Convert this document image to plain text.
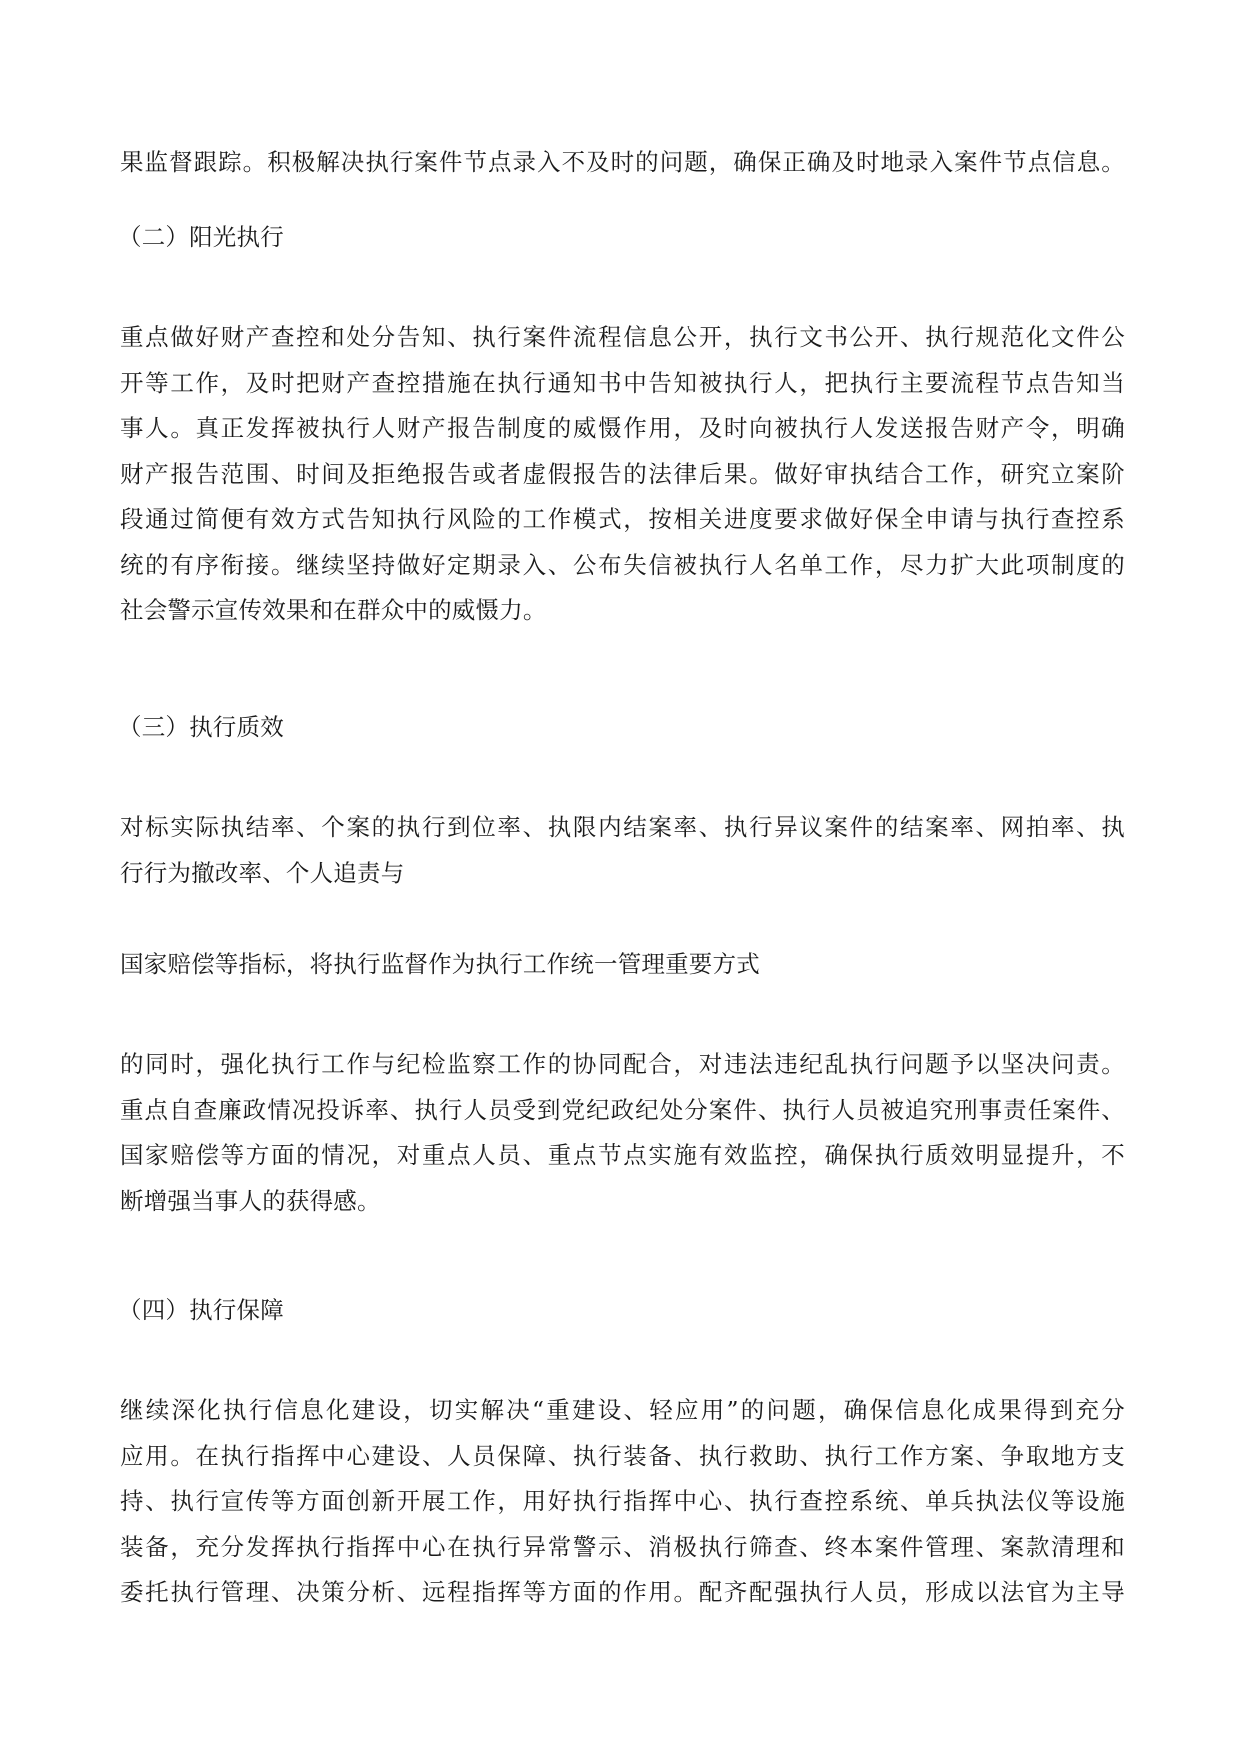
果监督跟踪。积极解决执行案件节点录入不及时的问题，确保正确及时地录入案件节点信息。
（二）阳光执行
重点做好财产查控和处分告知、执行案件流程信息公开，执行文书公开、执行规范化文件公
开等工作，及时把财产查控措施在执行通知书中告知被执行人，把执行主要流程节点告知当
事人。真正发挥被执行人财产报告制度的威慑作用，及时向被执行人发送报告财产令，明确
财产报告范围、时间及拒绝报告或者虚假报告的法律后果。做好审执结合工作，研究立案阶
段通过简便有效方式告知执行风险的工作模式，按相关进度要求做好保全申请与执行查控系
统的有序衔接。继续坚持做好定期录入、公布失信被执行人名单工作，尽力扩大此项制度的
社会警示宣传效果和在群众中的威慑力。
（三）执行质效
对标实际执结率、个案的执行到位率、执限内结案率、执行异议案件的结案率、网拍率、执
行行为撤改率、个人追责与
国家赔偿等指标，将执行监督作为执行工作统一管理重要方式
的同时，强化执行工作与纪检监察工作的协同配合，对违法违纪乱执行问题予以坚决问责。
重点自查廉政情况投诉率、执行人员受到党纪政纪处分案件、执行人员被追究刑事责任案件、
国家赔偿等方面的情况，对重点人员、重点节点实施有效监控，确保执行质效明显提升，不
断增强当事人的获得感。
（四）执行保障
继续深化执行信息化建设，切实解决“重建设、轻应用”的问题，确保信息化成果得到充分
应用。在执行指挥中心建设、人员保障、执行装备、执行救助、执行工作方案、争取地方支
持、执行宣传等方面创新开展工作，用好执行指挥中心、执行查控系统、单兵执法仪等设施
装备，充分发挥执行指挥中心在执行异常警示、消极执行筛查、终本案件管理、案款清理和
委托执行管理、决策分析、远程指挥等方面的作用。配齐配强执行人员，形成以法官为主导
